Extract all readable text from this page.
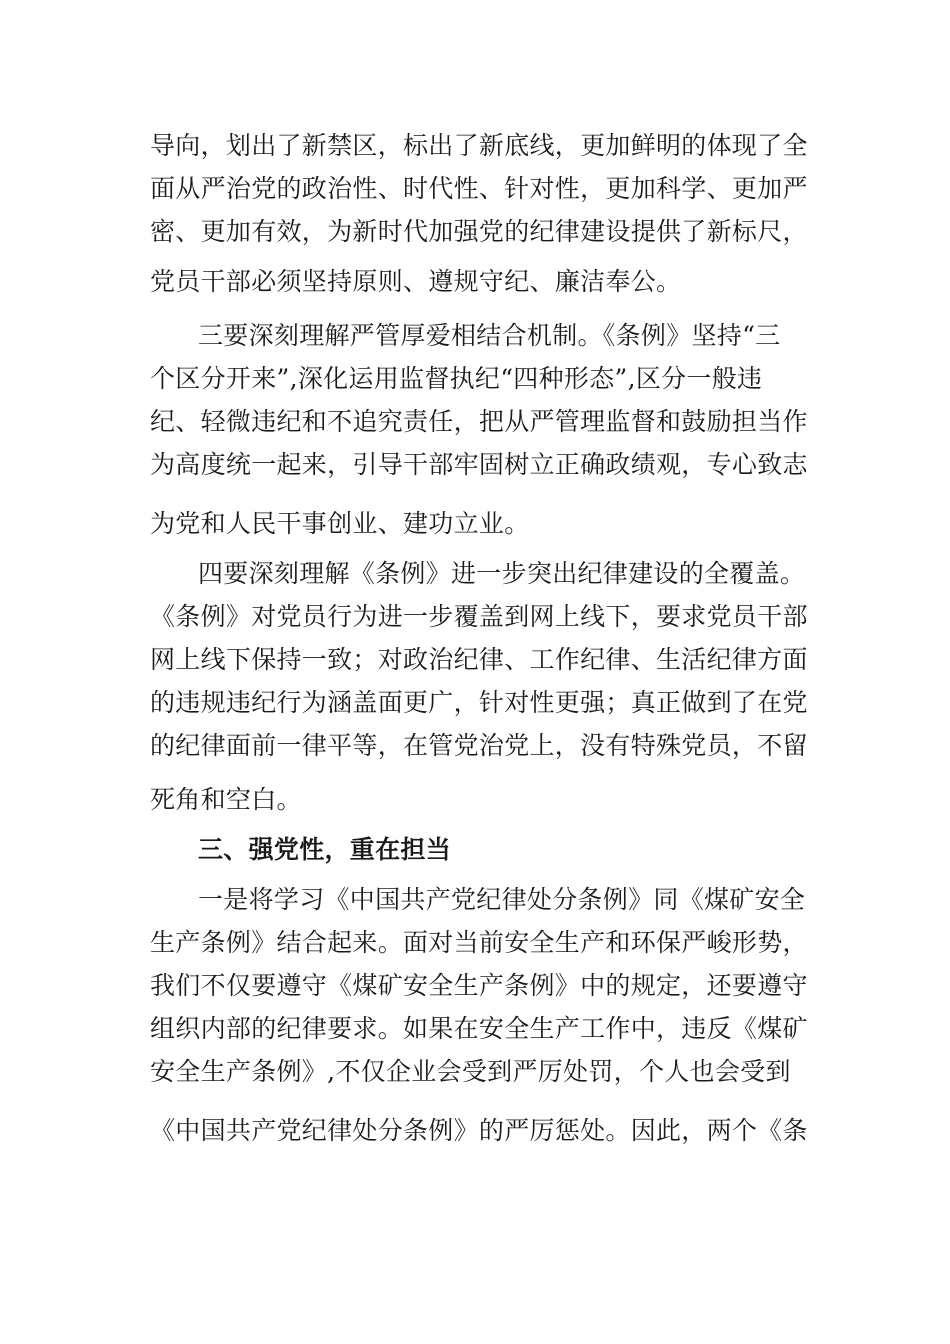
导向，划出了新禁区，标出了新底线，更加鲜明的体现了全
面从严治党的政治性、时代性、针对性，更加科学、更加严
密、更加有效，为新时代加强党的纪律建设提供了新标尺，
党员干部必须坚持原则、遵规守纪、廉洁奉公。
三要深刻理解严管厚爱相结合机制。《条例》坚持“三
个区分开来”,深化运用监督执纪“四种形态”,区分一般违
纪、轻微违纪和不追究责任，把从严管理监督和鼓励担当作
为高度统一起来，引导干部牢固树立正确政绩观，专心致志
为党和人民干事创业、建功立业。
四要深刻理解《条例》进一步突出纪律建设的全覆盖。
《条例》对党员行为进一步覆盖到网上线下，要求党员干部
网上线下保持一致；对政治纪律、工作纪律、生活纪律方面
的违规违纪行为涵盖面更广，针对性更强；真正做到了在党
的纪律面前一律平等，在管党治党上，没有特殊党员，不留
死角和空白。
三、强党性，重在担当
一是将学习《中国共产党纪律处分条例》同《煤矿安全
生产条例》结合起来。面对当前安全生产和环保严峻形势，
我们不仅要遵守《煤矿安全生产条例》中的规定，还要遵守
组织内部的纪律要求。如果在安全生产工作中，违反《煤矿
安全生产条例》,不仅企业会受到严厉处罚，个人也会受到
《中国共产党纪律处分条例》的严厉惩处。因此，两个《条
